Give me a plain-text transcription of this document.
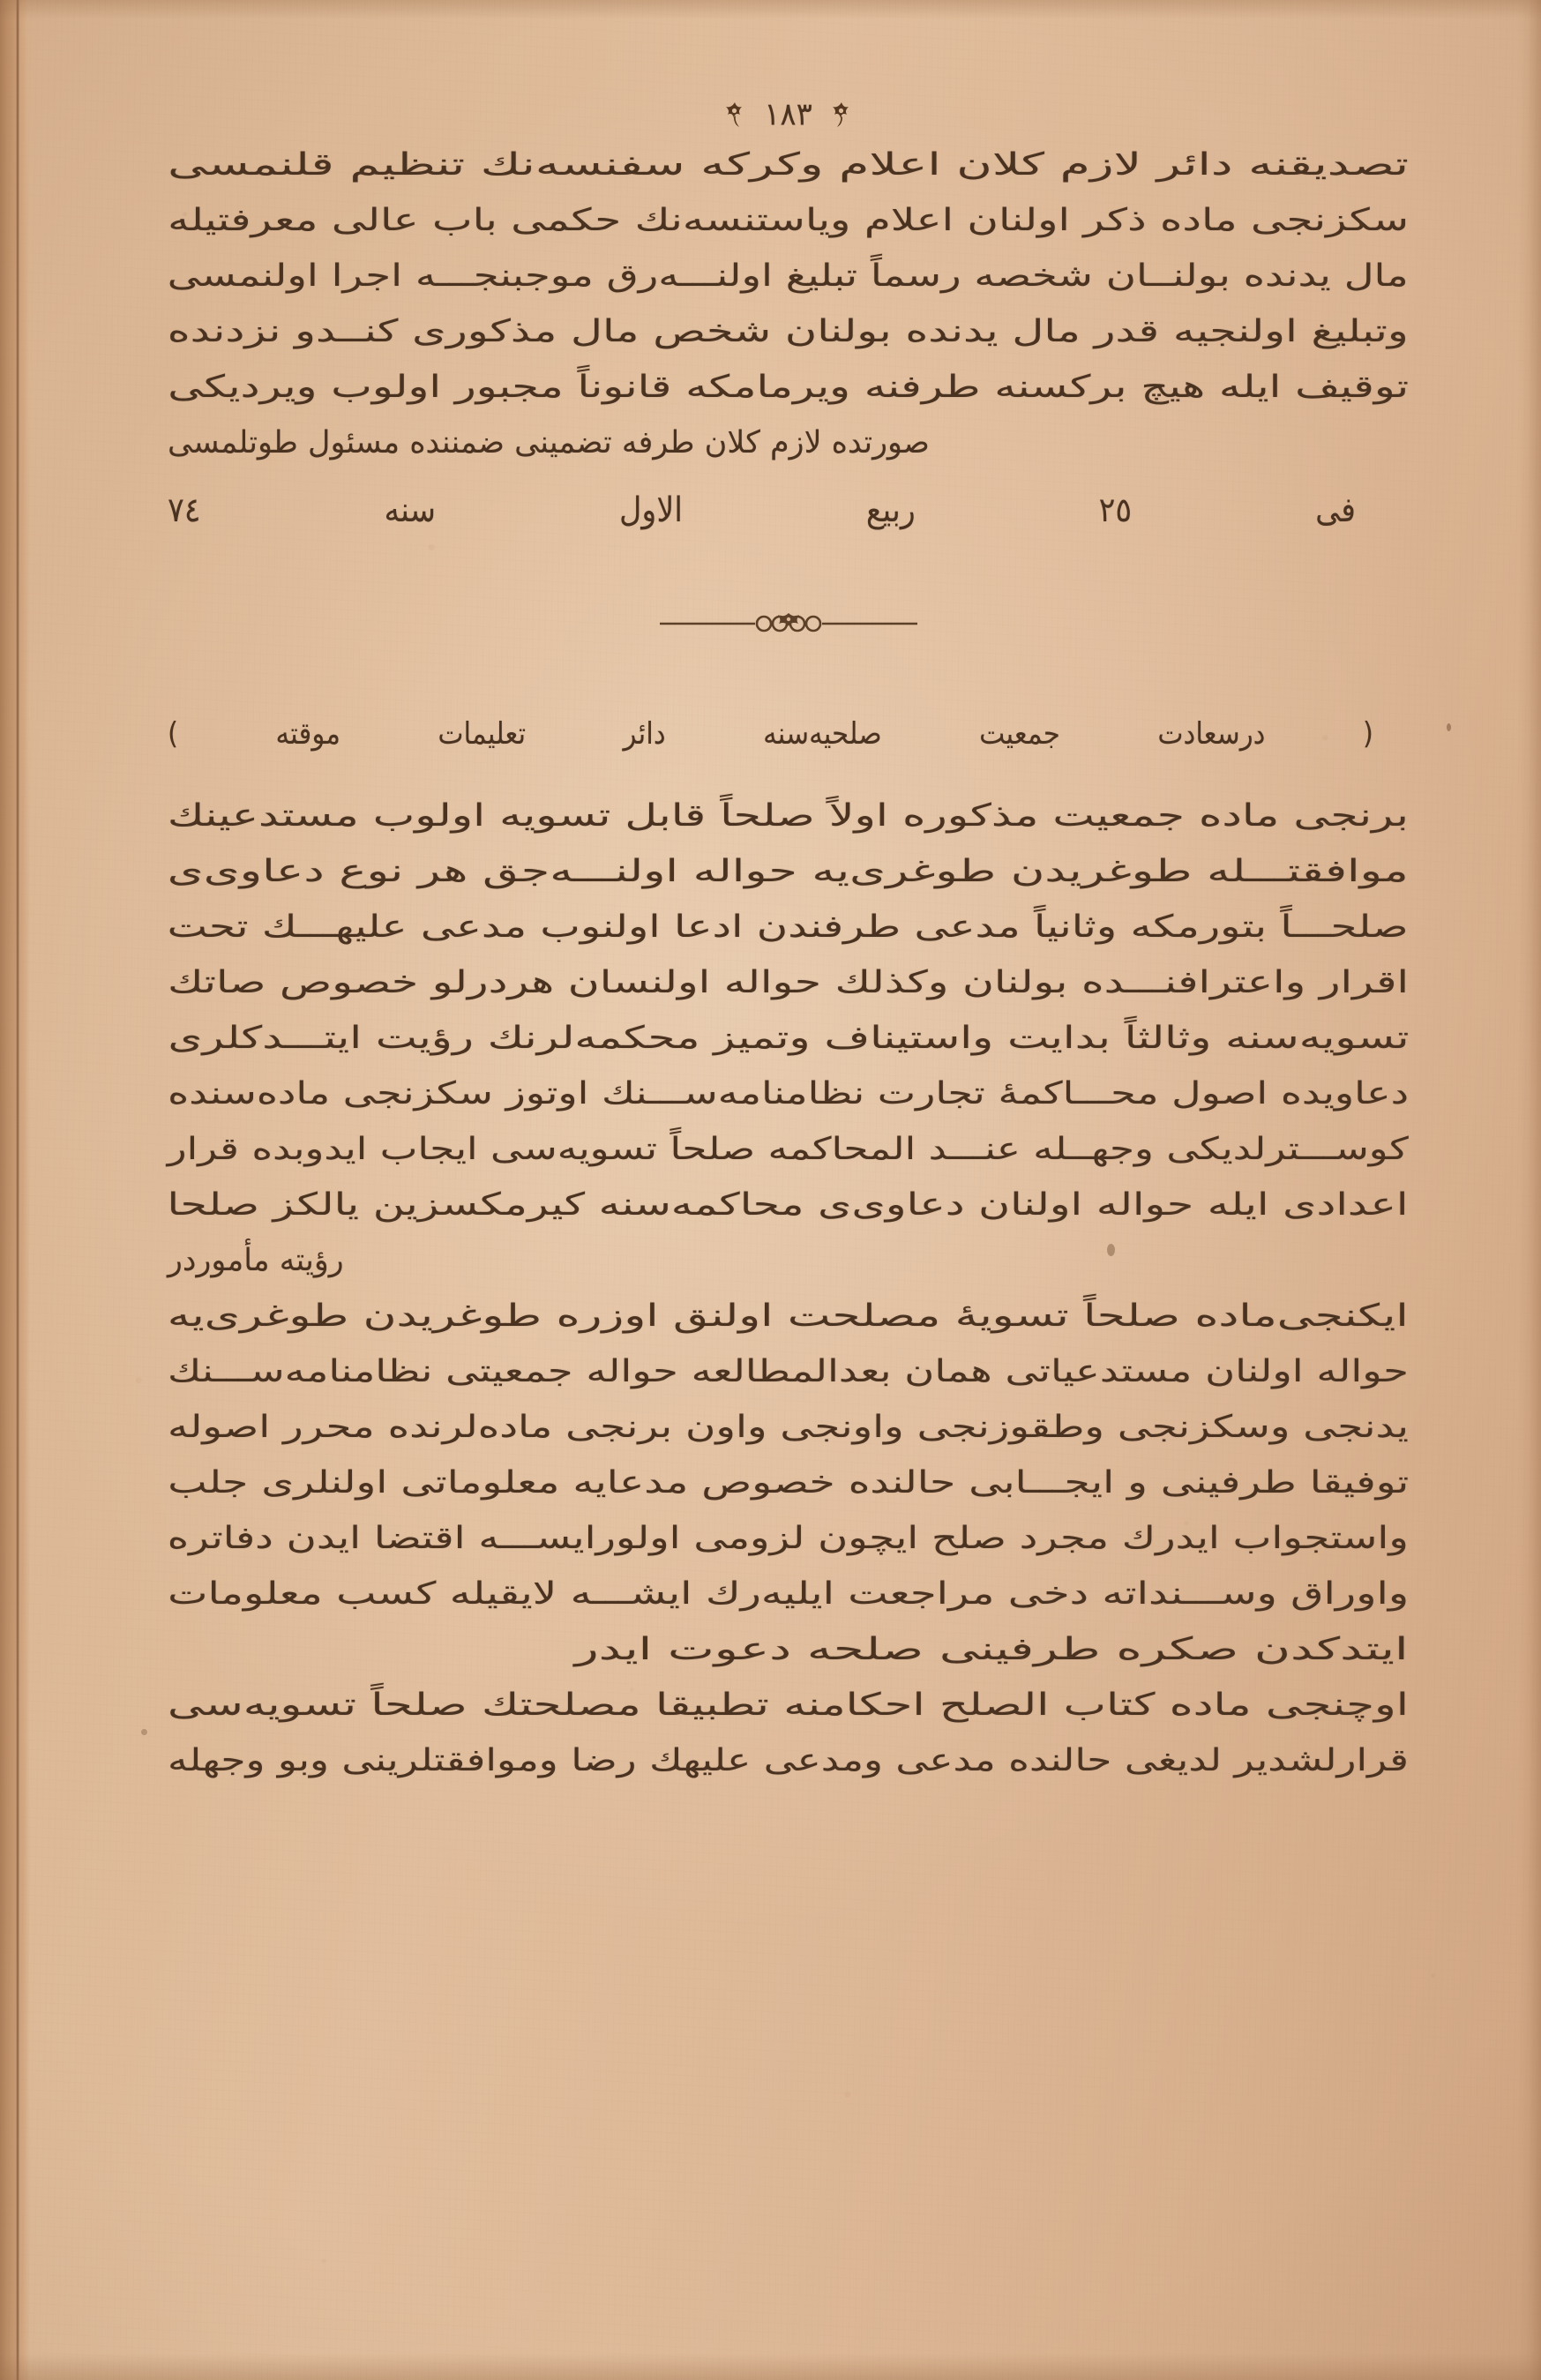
١٨٣
تصديقنه دائر لازم كلان اعلام وكركه سفنسه‌نك تنظيم قلنمسى
سكزنجى ماده ذكر اولنان اعلام وياستنسه‌نك حكمى باب عالى معرفتيله
مال يدنده بولنــان شخصه رسماً تبليغ اولنـــه‌رق موجبنجـــه اجرا اولنمسى
وتبليغ اولنجيه قدر مال يدنده بولنان شخص مال مذكورى كنــدو نزدنده
توقيف ايله هيچ بركسنه طرفنه ويرمامكه قانوناً مجبور اولوب ويرديكى
صورتده لازم كلان طرفه تضمينى ضمننده مسئول طوتلمسى
فى ٢٥ ربيع الاول سنه ٧٤
( درسعادت جمعيت صلحيه‌سنه دائر تعليمات موقته )
برنجى ماده جمعيت مذكوره اولاً صلحاً قابل تسويه اولوب مستدعينك
موافقتـــله طوغريدن طوغرى‌يه حواله اولنـــه‌جق هر نوع دعاوى‌ى
صلحـــاً بتورمكه وثانياً مدعى طرفندن ادعا اولنوب مدعى عليهـــك تحت
اقرار واعترافنـــده بولنان وكذلك حواله اولنسان هردرلو خصوص صاتك
تسويه‌سنه وثالثاً بدايت واستيناف وتميز محكمه‌لرنك رؤيت ايتـــدكلرى
دعاويده اصول محـــاكمۀ تجارت نظامنامه‌ســـنك اوتوز سكزنجى ماده‌سنده
كوســـترلديكى وجهــله عنـــد المحاكمه صلحاً تسويه‌سى ايجاب ايدوبده قرار
اعدادى ايله حواله اولنان دعاوى‌ى محاكمه‌سنه كيرمكسزين يالكز صلحا
رؤيته مأموردر
ايكنجى‌ماده صلحاً تسويۀ مصلحت اولنق اوزره طوغريدن طوغرى‌يه
حواله اولنان مستدعياتى همان بعدالمطالعه حواله جمعيتى نظامنامه‌ســـنك
يدنجى وسكزنجى وطقوزنجى واونجى واون برنجى ماده‌لرنده محرر اصوله
توفيقا طرفينى و ايجـــابى حالنده خصوص مدعايه معلوماتى اولنلرى جلب
واستجواب ايدرك مجرد صلح ايچون لزومى اولورايســـه اقتضا ايدن دفاتره
واوراق وســـنداته دخى مراجعت ايليه‌رك ايشـــه لايقيله كسب معلومات
ايتدكدن صكره طرفينى صلحه دعوت ايدر
اوچنجى ماده كتاب الصلح احكامنه تطبيقا مصلحتك صلحاً تسويه‌سى
قرارلشدير لديغى حالنده مدعى ومدعى عليهك رضا وموافقتلرينى وبو وجهله
